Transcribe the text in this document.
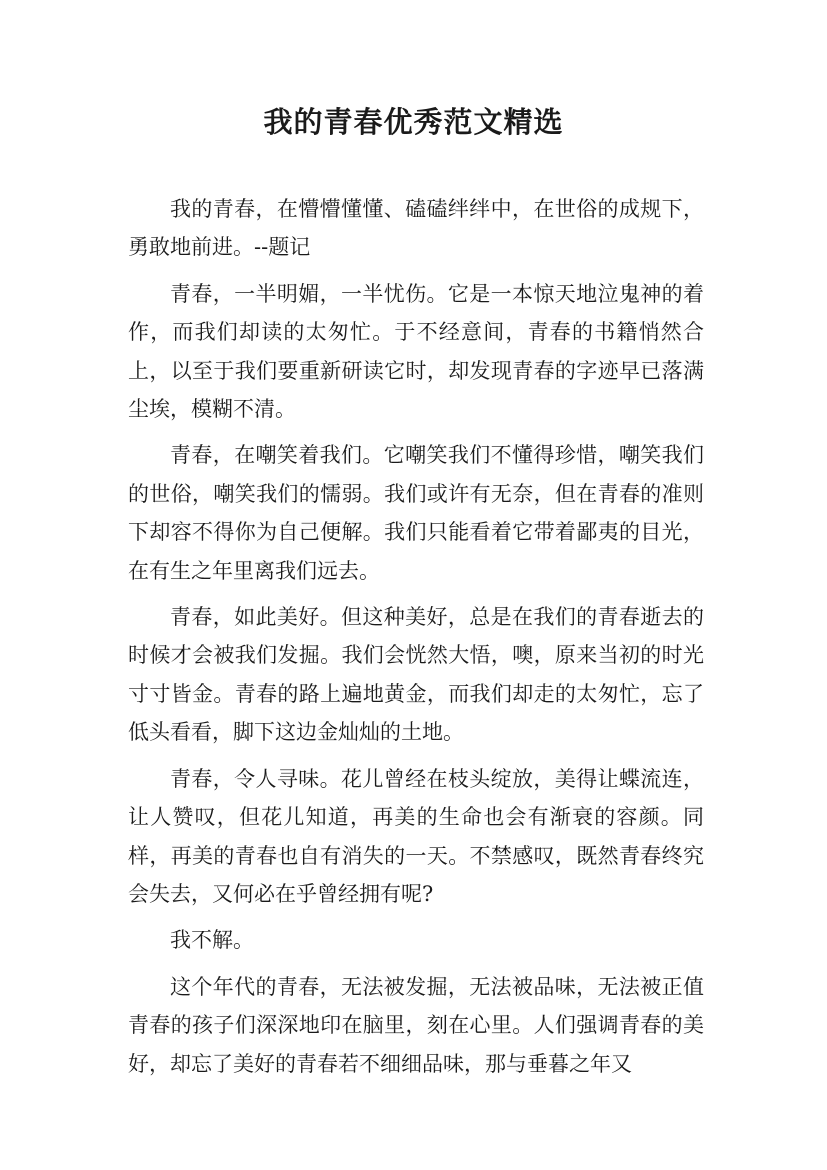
我的青春优秀范文精选

我的青春，在懵懵懂懂、磕磕绊绊中，在世俗的成规下，勇敢地前进。--题记

青春，一半明媚，一半忧伤。它是一本惊天地泣鬼神的着作，而我们却读的太匆忙。于不经意间，青春的书籍悄然合上，以至于我们要重新研读它时，却发现青春的字迹早已落满尘埃，模糊不清。

青春，在嘲笑着我们。它嘲笑我们不懂得珍惜，嘲笑我们的世俗，嘲笑我们的懦弱。我们或许有无奈，但在青春的准则下却容不得你为自己便解。我们只能看着它带着鄙夷的目光，在有生之年里离我们远去。

青春，如此美好。但这种美好，总是在我们的青春逝去的时候才会被我们发掘。我们会恍然大悟，噢，原来当初的时光寸寸皆金。青春的路上遍地黄金，而我们却走的太匆忙，忘了低头看看，脚下这边金灿灿的土地。

青春，令人寻味。花儿曾经在枝头绽放，美得让蝶流连，让人赞叹，但花儿知道，再美的生命也会有渐衰的容颜。同样，再美的青春也自有消失的一天。不禁感叹，既然青春终究会失去，又何必在乎曾经拥有呢?

我不解。

这个年代的青春，无法被发掘，无法被品味，无法被正值青春的孩子们深深地印在脑里，刻在心里。人们强调青春的美好，却忘了美好的青春若不细细品味，那与垂暮之年又
